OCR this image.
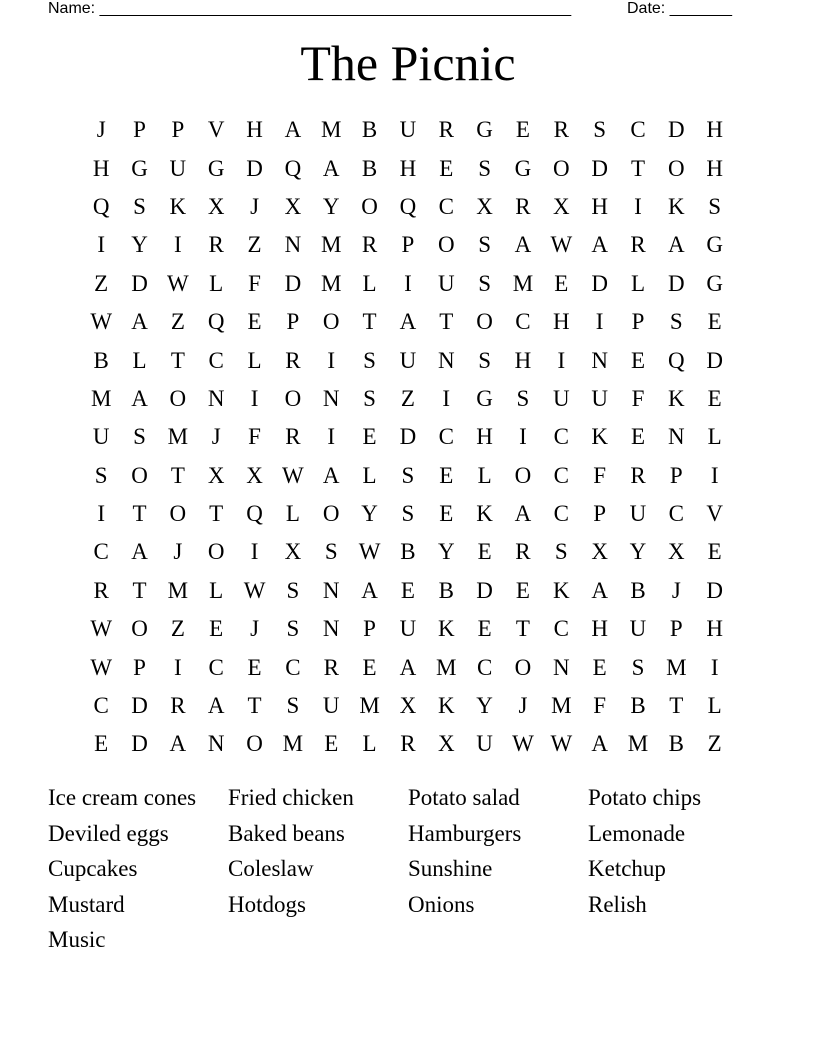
Name: _____________________________________________________	Date: _______
The Picnic
J	P	P	V H A M B U R G	E	R	S	C D H
H G U G D Q A B H	E	S	G O D	T	O H
Q	S	K X	J	X Y O Q C X R X H	I	K	S
I	Y	I	R	Z	N M R	P	O	S	A W A R A G
Z	D W L	F	D M L	I	U	S M E	D	L	D G
W A	Z	Q	E	P	O	T	A	T	O C H	I	P	S	E
B	L	T	C	L	R	I	S	U N	S	H	I	N	E	Q D
M A O N	I	O N	S	Z	I	G	S	U U	F	K	E
U	S M	J	F	R	I	E	D C H	I	C K	E	N	L
S	O	T	X X W A	L	S	E	L	O C	F	R	P	I
I	T	O	T	Q	L	O Y	S	E	K A C	P	U C V
C A	J	O	I	X	S W B Y	E	R	S	X Y X	E
R	T M L W S	N A	E	B D	E	K A B	J	D
W O	Z	E	J	S	N	P	U K	E	T	C H U	P	H
W P	I	C	E	C	R	E	A M C O N	E	S M	I
C D R A	T	S	U M X K Y	J	M F	B	T	L
E	D A N O M E	L	R X U W W A M B	Z
Ice cream cones	Fried chicken	Potato salad	Potato chips
Deviled eggs	Baked beans	Hamburgers	Lemonade
Cupcakes	Coleslaw	Sunshine	Ketchup
Mustard	Hotdogs	Onions	Relish
Music
